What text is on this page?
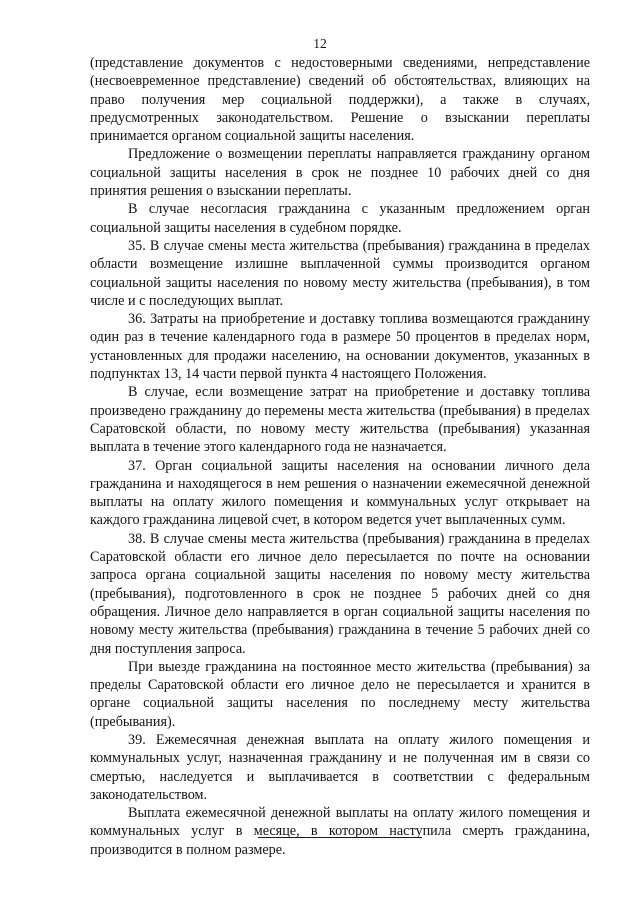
12

(представление документов с недостоверными сведениями, непредставление (несвоевременное представление) сведений об обстоятельствах, влияющих на право получения мер социальной поддержки), а также в случаях, предусмотренных законодательством. Решение о взыскании переплаты принимается органом социальной защиты населения.

Предложение о возмещении переплаты направляется гражданину органом социальной защиты населения в срок не позднее 10 рабочих дней со дня принятия решения о взыскании переплаты.

В случае несогласия гражданина с указанным предложением орган социальной защиты населения в судебном порядке.

35. В случае смены места жительства (пребывания) гражданина в пределах области возмещение излишне выплаченной суммы производится органом социальной защиты населения по новому месту жительства (пребывания), в том числе и с последующих выплат.

36. Затраты на приобретение и доставку топлива возмещаются гражданину один раз в течение календарного года в размере 50 процентов в пределах норм, установленных для продажи населению, на основании документов, указанных в подпунктах 13, 14 части первой пункта 4 настоящего Положения.

В случае, если возмещение затрат на приобретение и доставку топлива произведено гражданину до перемены места жительства (пребывания) в пределах Саратовской области, по новому месту жительства (пребывания) указанная выплата в течение этого календарного года не назначается.

37. Орган социальной защиты населения на основании личного дела гражданина и находящегося в нем решения о назначении ежемесячной денежной выплаты на оплату жилого помещения и коммунальных услуг открывает на каждого гражданина лицевой счет, в котором ведется учет выплаченных сумм.

38. В случае смены места жительства (пребывания) гражданина в пределах Саратовской области его личное дело пересылается по почте на основании запроса органа социальной защиты населения по новому месту жительства (пребывания), подготовленного в срок не позднее 5 рабочих дней со дня обращения. Личное дело направляется в орган социальной защиты населения по новому месту жительства (пребывания) гражданина в течение 5 рабочих дней со дня поступления запроса.

При выезде гражданина на постоянное место жительства (пребывания) за пределы Саратовской области его личное дело не пересылается и хранится в органе социальной защиты населения по последнему месту жительства (пребывания).

39. Ежемесячная денежная выплата на оплату жилого помещения и коммунальных услуг, назначенная гражданину и не полученная им в связи со смертью, наследуется и выплачивается в соответствии с федеральным законодательством.

Выплата ежемесячной денежной выплаты на оплату жилого помещения и коммунальных услуг в месяце, в котором наступила смерть гражданина, производится в полном размере.
